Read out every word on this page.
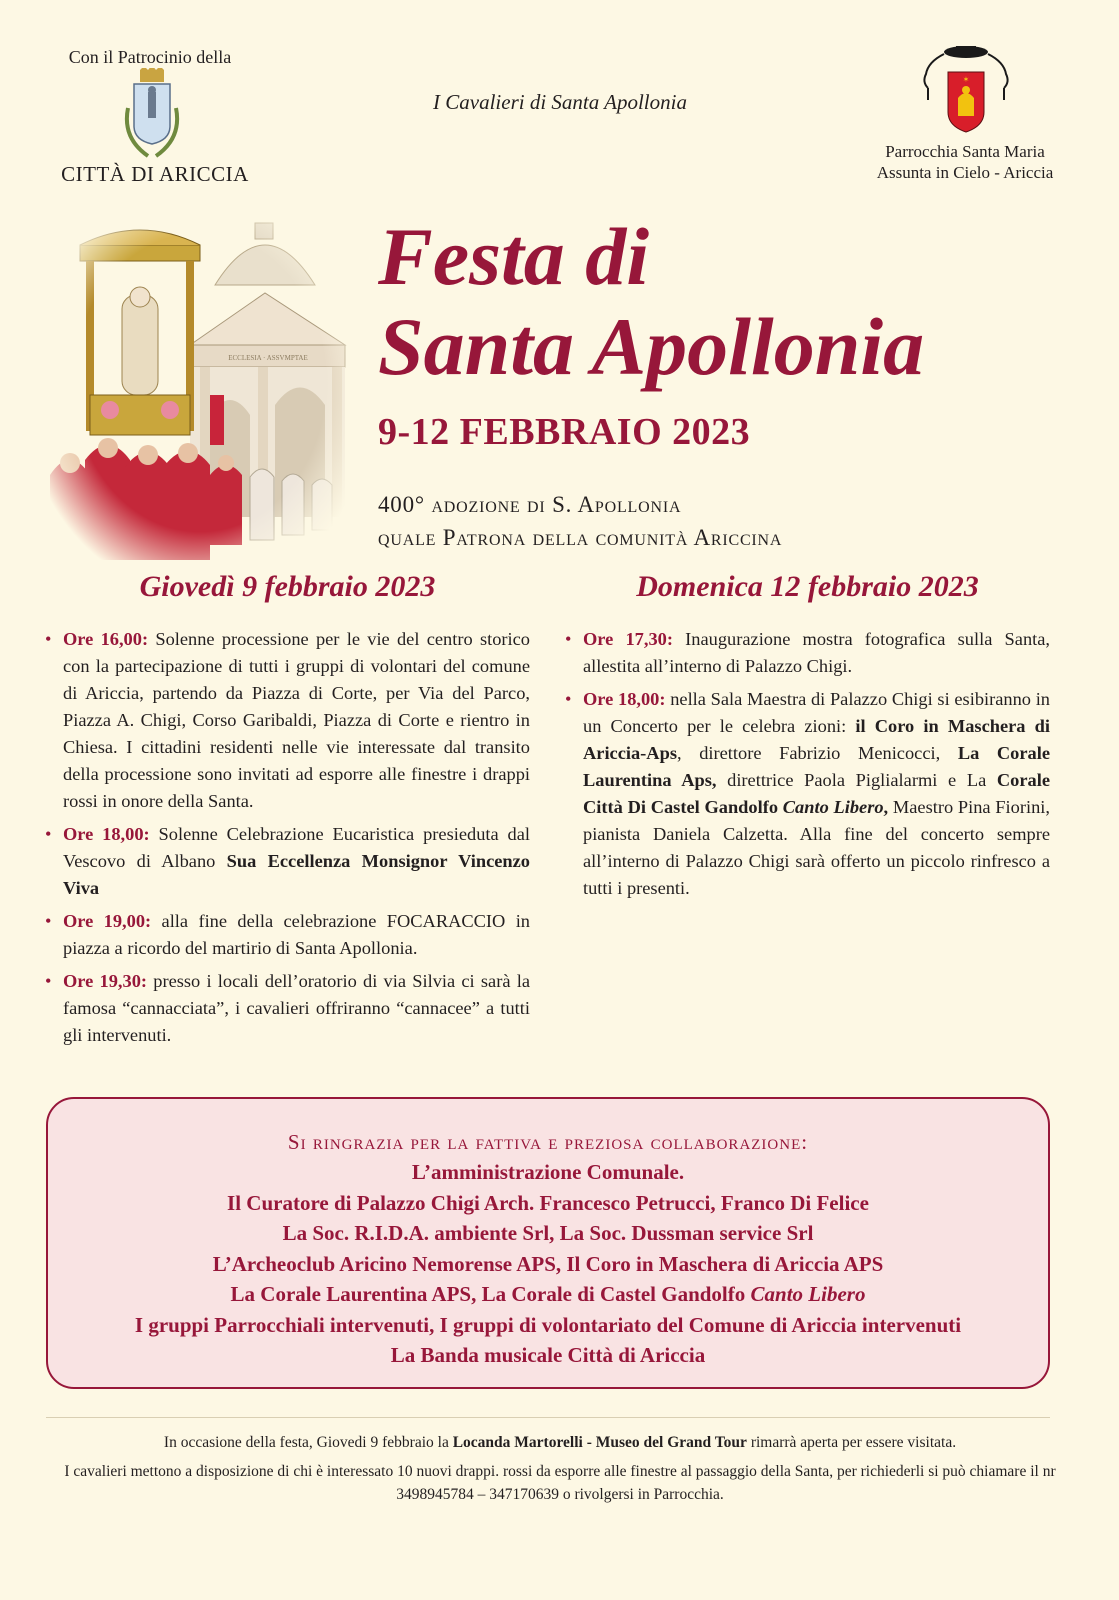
Con il Patrocinio della
CITTÀ DI ARICCIA
I Cavalieri di Santa Apollonia
✶
Parrocchia Santa Maria
Assunta in Cielo - Ariccia
Festa di
Santa Apollonia
9-12 FEBBRAIO 2023
400° adozione di S. Apollonia
quale Patrona della comunità Ariccina
Giovedì 9 febbraio 2023
• Ore 16,00: Solenne processione per le vie del centro storico con la partecipazione di tutti i gruppi di volontari del comune di Ariccia, partendo da Piazza di Corte, per Via del Parco, Piazza A. Chigi, Corso Garibaldi, Piazza di Corte e rientro in Chiesa. I cittadini residenti nelle vie interessate dal transito della processione sono invitati ad esporre alle finestre i drappi rossi in onore della Santa.
• Ore 18,00: Solenne Celebrazione Eucaristica presieduta dal Vescovo di Albano Sua Eccellenza Monsignor Vincenzo Viva
• Ore 19,00: alla fine della celebrazione FOCARACCIO in piazza a ricordo del martirio di Santa Apollonia.
• Ore 19,30: presso i locali dell’oratorio di via Silvia ci sarà la famosa “cannacciata”, i cavalieri offriranno “cannacee” a tutti gli intervenuti.
Domenica 12 febbraio 2023
• Ore 17,30: Inaugurazione mostra fotografica sulla Santa, allestita all’interno di Palazzo Chigi.
• Ore 18,00: nella Sala Maestra di Palazzo Chigi si esibiranno in un Concerto per le celebra zioni: il Coro in Maschera di Ariccia-Aps, direttore Fabrizio Menicocci, La Corale Laurentina Aps, direttrice Paola Piglialarmi e La Corale Città Di Castel Gandolfo Canto Libero, Maestro Pina Fiorini, pianista Daniela Calzetta. Alla fine del concerto sempre all’interno di Palazzo Chigi sarà offerto un piccolo rinfresco a tutti i presenti.
Si ringrazia per la fattiva e preziosa collaborazione:
L’amministrazione Comunale.
Il Curatore di Palazzo Chigi Arch. Francesco Petrucci, Franco Di Felice
La Soc. R.I.D.A. ambiente Srl, La Soc. Dussman service Srl
L’Archeoclub Aricino Nemorense APS, Il Coro in Maschera di Ariccia APS
La Corale Laurentina APS, La Corale di Castel Gandolfo Canto Libero
I gruppi Parrocchiali intervenuti, I gruppi di volontariato del Comune di Ariccia intervenuti
La Banda musicale Città di Ariccia
In occasione della festa, Giovedi 9 febbraio la Locanda Martorelli - Museo del Grand Tour rimarrà aperta per essere visitata.
I cavalieri mettono a disposizione di chi è interessato 10 nuovi drappi. rossi da esporre alle finestre al passaggio della Santa, per richiederli si può chiamare il nr 3498945784 – 347170639 o rivolgersi in Parrocchia.
